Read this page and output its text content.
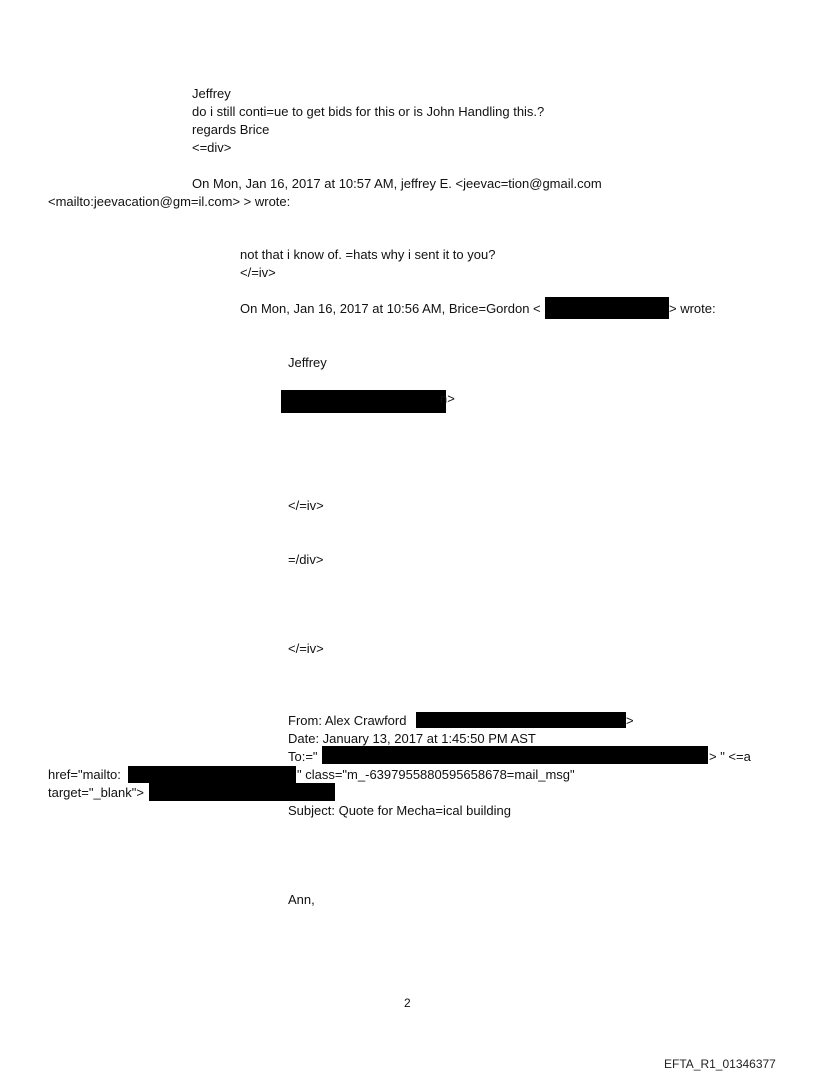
Jeffrey
do i still conti=ue to get bids for this or is John Handling this.?
regards Brice
<=div>
On Mon, Jan 16, 2017 at 10:57 AM, jeffrey E. <jeevac=tion@gmail.com
<mailto:jeevacation@gm=il.com> > wrote:
not that i know of. =hats why i sent it to you?
</=iv>
On Mon, Jan 16, 2017 at 10:56 AM, Brice=Gordon <	> wrote:
Jeffrey
n>
</=iv>
=/div>
</=iv>
From: Alex Crawford	>
Date: January 13, 2017 at 1:45:50 PM AST
To:="	> " <=a
href="mailto:	" class="m_-6397955880595658678=mail_msg"
target="_blank">
Subject: Quote for Mecha=ical building
Ann,
2
EFTA_R1_01346377
